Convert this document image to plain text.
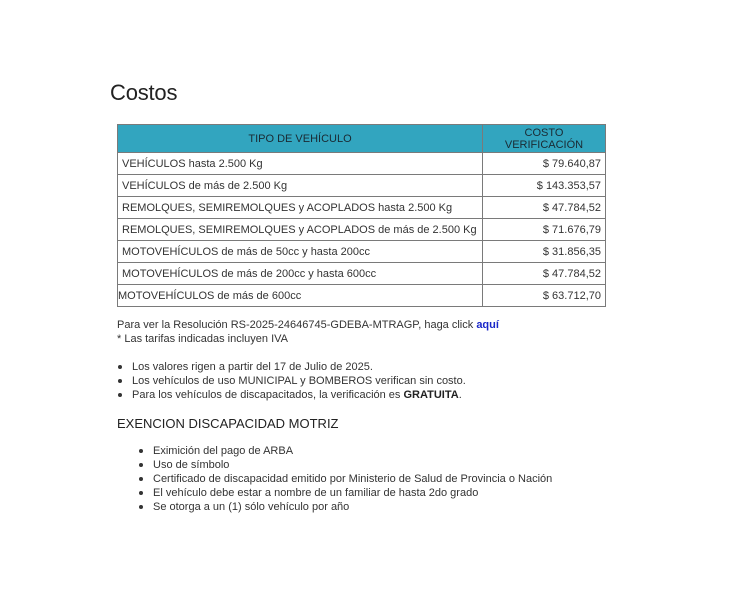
Costos
TIPO DE VEHÍCULO	COSTO VERIFICACIÓN
VEHÍCULOS hasta 2.500 Kg	$ 79.640,87
VEHÍCULOS de más de 2.500 Kg	$ 143.353,57
REMOLQUES, SEMIREMOLQUES y ACOPLADOS hasta 2.500 Kg	$ 47.784,52
REMOLQUES, SEMIREMOLQUES y ACOPLADOS de más de 2.500 Kg	$ 71.676,79
MOTOVEHÍCULOS de más de 50cc y hasta 200cc	$ 31.856,35
MOTOVEHÍCULOS de más de 200cc y hasta 600cc	$ 47.784,52
MOTOVEHÍCULOS de más de 600cc	$ 63.712,70
Para ver la Resolución RS-2025-24646745-GDEBA-MTRAGP, haga click aquí
* Las tarifas indicadas incluyen IVA
Los valores rigen a partir del 17 de Julio de 2025.
Los vehículos de uso MUNICIPAL y BOMBEROS verifican sin costo.
Para los vehículos de discapacitados, la verificación es GRATUITA.
EXENCION DISCAPACIDAD MOTRIZ
Eximición del pago de ARBA
Uso de símbolo
Certificado de discapacidad emitido por Ministerio de Salud de Provincia o Nación
El vehículo debe estar a nombre de un familiar de hasta 2do grado
Se otorga a un (1) sólo vehículo por año
